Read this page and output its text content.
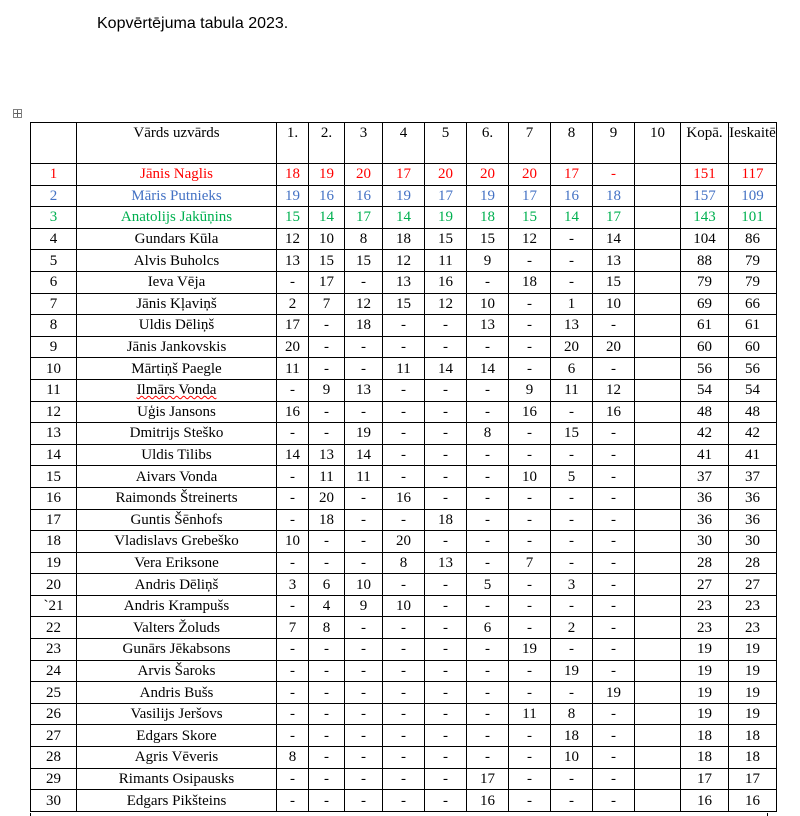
Kopvērtējuma tabula 2023.
	Vārds uzvārds	1.	2.	3	4	5	6.	7	8	9	10	Kopā.	Ieskaitē
1	Jānis Naglis	18	19	20	17	20	20	20	17	-		151	117
2	Māris Putnieks	19	16	16	19	17	19	17	16	18		157	109
3	Anatolijs Jakūņins	15	14	17	14	19	18	15	14	17		143	101
4	Gundars Kūla	12	10	8	18	15	15	12	-	14		104	86
5	Alvis Buholcs	13	15	15	12	11	9	-	-	13		88	79
6	Ieva Vēja	-	17	-	13	16	-	18	-	15		79	79
7	Jānis Kļaviņš	2	7	12	15	12	10	-	1	10		69	66
8	Uldis Dēliņš	17	-	18	-	-	13	-	13	-		61	61
9	Jānis Jankovskis	20	-	-	-	-	-	-	20	20		60	60
10	Mārtiņš Paegle	11	-	-	11	14	14	-	6	-		56	56
11	Ilmārs Vonda	-	9	13	-	-	-	9	11	12		54	54
12	Uģis Jansons	16	-	-	-	-	-	16	-	16		48	48
13	Dmitrijs Steško	-	-	19	-	-	8	-	15	-		42	42
14	Uldis Tilibs	14	13	14	-	-	-	-	-	-		41	41
15	Aivars Vonda	-	11	11	-	-	-	10	5	-		37	37
16	Raimonds Štreinerts	-	20	-	16	-	-	-	-	-		36	36
17	Guntis Šēnhofs	-	18	-	-	18	-	-	-	-		36	36
18	Vladislavs Grebeško	10	-	-	20	-	-	-	-	-		30	30
19	Vera Eriksone	-	-	-	8	13	-	7	-	-		28	28
20	Andris Dēliņš	3	6	10	-	-	5	-	3	-		27	27
`21	Andris Krampušs	-	4	9	10	-	-	-	-	-		23	23
22	Valters Žoluds	7	8	-	-	-	6	-	2	-		23	23
23	Gunārs Jēkabsons	-	-	-	-	-	-	19	-	-		19	19
24	Arvis Šaroks	-	-	-	-	-	-	-	19	-		19	19
25	Andris Bušs	-	-	-	-	-	-	-	-	19		19	19
26	Vasilijs Jeršovs	-	-	-	-	-	-	11	8	-		19	19
27	Edgars Skore	-	-	-	-	-	-	-	18	-		18	18
28	Agris Vēveris	8	-	-	-	-	-	-	10	-		18	18
29	Rimants Osipausks	-	-	-	-	-	17	-	-	-		17	17
30	Edgars Pikšteins	-	-	-	-	-	16	-	-	-		16	16
